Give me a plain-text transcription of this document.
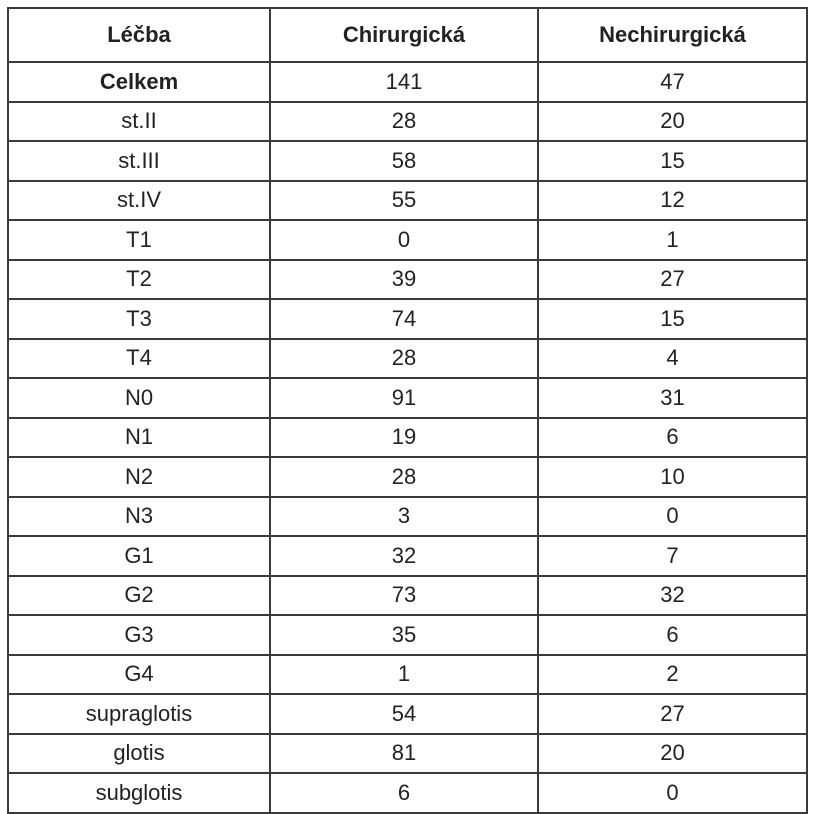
Léčba	Chirurgická	Nechirurgická
Celkem	141	47
st.II	28	20
st.III	58	15
st.IV	55	12
T1	0	1
T2	39	27
T3	74	15
T4	28	4
N0	91	31
N1	19	6
N2	28	10
N3	3	0
G1	32	7
G2	73	32
G3	35	6
G4	1	2
supraglotis	54	27
glotis	81	20
subglotis	6	0
